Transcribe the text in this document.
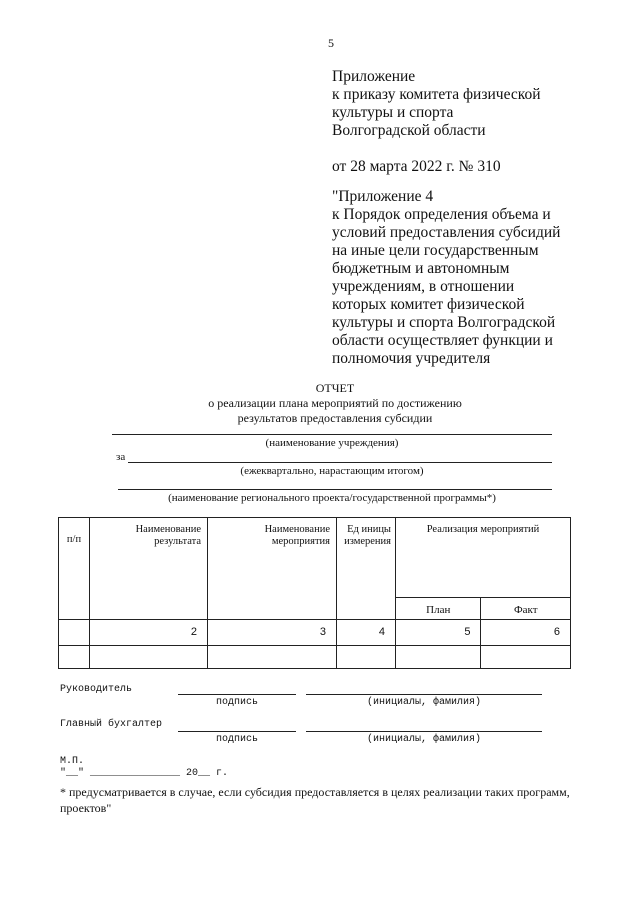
5
Приложение
к приказу комитета физической
культуры и спорта
Волгоградской области
от 28 марта 2022 г. № 310
"Приложение 4
к Порядок определения объема и
условий предоставления субсидий
на иные цели государственным
бюджетным и автономным
учреждениям, в отношении
которых комитет физической
культуры и спорта Волгоградской
области осуществляет функции и
полномочия учредителя
ОТЧЕТ
о реализации плана мероприятий по достижению
результатов предоставления субсидии
(наименование учреждения)
за
(ежеквартально, нарастающим итогом)
(наименование регионального проекта/государственной программы*)
п/п	Наименование результата	Наименование мероприятия	Ед иницы измерения	Реализация мероприятий	

				План	Факт

	2	3	4	5	6

Руководитель
подпись	(инициалы, фамилия)
Главный бухгалтер
подпись	(инициалы, фамилия)
М.П.
"__" _______________ 20__ г.
* предусматривается в случае, если субсидия предоставляется в целях реализации таких программ, проектов"
